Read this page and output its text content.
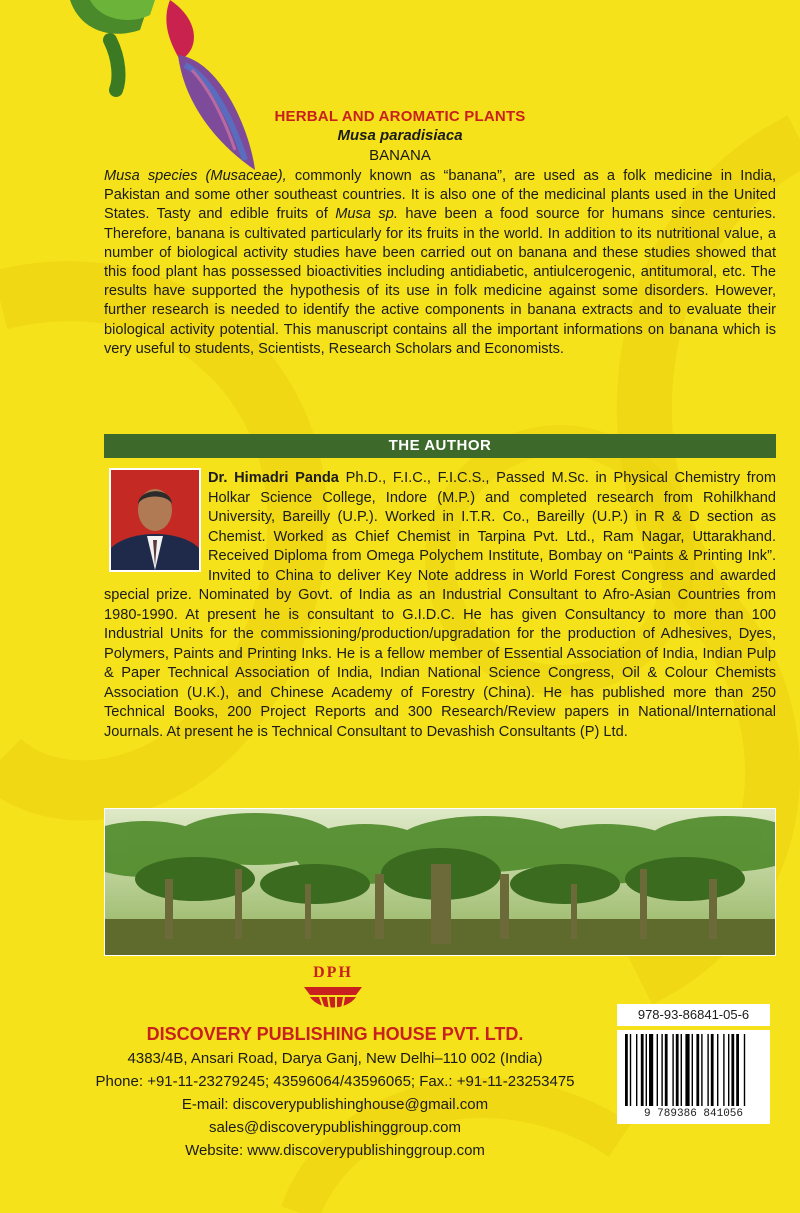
HERBAL AND AROMATIC PLANTS
Musa paradisiaca
BANANA

Musa species (Musaceae), commonly known as “banana”, are used as a folk medicine in India, Pakistan and some other southeast countries. It is also one of the medicinal plants used in the United States. Tasty and edible fruits of Musa sp. have been a food source for humans since centuries. Therefore, banana is cultivated particularly for its fruits in the world. In addition to its nutritional value, a number of biological activity studies have been carried out on banana and these studies showed that this food plant has possessed bioactivities including antidiabetic, antiulcerogenic, antitumoral, etc. The results have supported the hypothesis of its use in folk medicine against some disorders. However, further research is needed to identify the active components in banana extracts and to evaluate their biological activity potential. This manuscript contains all the important informations on banana which is very useful to students, Scientists, Research Scholars and Economists.

THE AUTHOR

Dr. Himadri Panda Ph.D., F.I.C., F.I.C.S., Passed M.Sc. in Physical Chemistry from Holkar Science College, Indore (M.P.) and completed research from Rohilkhand University, Bareilly (U.P.). Worked in I.T.R. Co., Bareilly (U.P.) in R & D section as Chemist. Worked as Chief Chemist in Tarpina Pvt. Ltd., Ram Nagar, Uttarakhand. Received Diploma from Omega Polychem Institute, Bombay on “Paints & Printing Ink”. Invited to China to deliver Key Note address in World Forest Congress and awarded special prize. Nominated by Govt. of India as an Industrial Consultant to Afro-Asian Countries from 1980-1990. At present he is consultant to G.I.D.C. He has given Consultancy to more than 100 Industrial Units for the commissioning/production/upgradation for the production of Adhesives, Dyes, Polymers, Paints and Printing Inks. He is a fellow member of Essential Association of India, Indian Pulp & Paper Technical Association of India, Indian National Science Congress, Oil & Colour Chemists Association (U.K.), and Chinese Academy of Forestry (China). He has published more than 250 Technical Books, 200 Project Reports and 300 Research/Review papers in National/International Journals. At present he is Technical Consultant to Devashish Consultants (P) Ltd.

DPH
DISCOVERY PUBLISHING HOUSE PVT. LTD.
4383/4B, Ansari Road, Darya Ganj, New Delhi–110 002 (India)
Phone: +91-11-23279245; 43596064/43596065; Fax.: +91-11-23253475
E-mail: discoverypublishinghouse@gmail.com
sales@discoverypublishinggroup.com
Website: www.discoverypublishinggroup.com
978-93-86841-05-6
9 789386 841056
